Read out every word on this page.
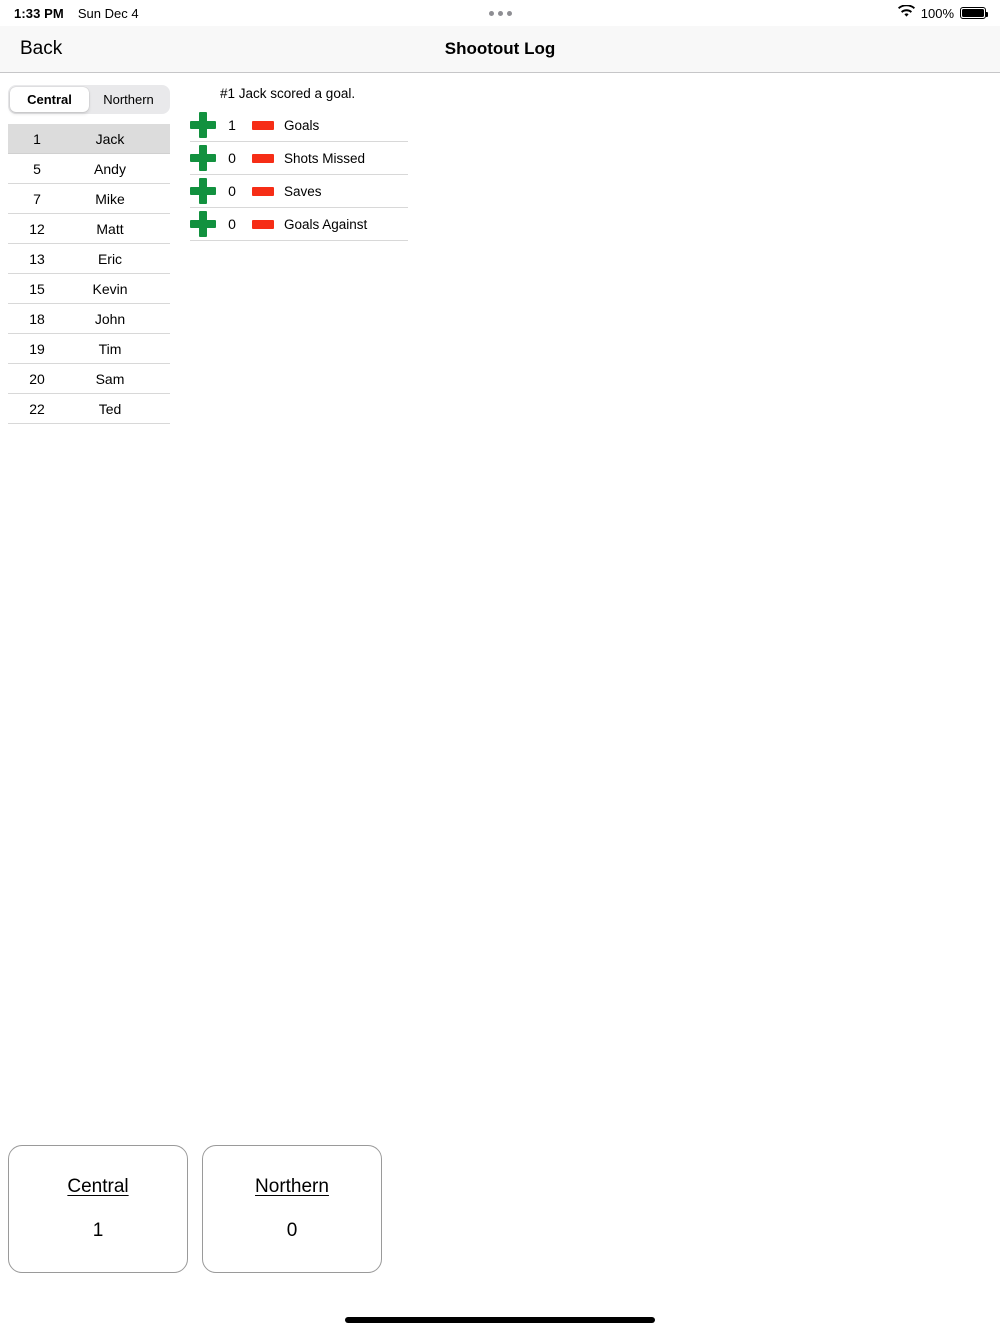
1:33 PM Sun Dec 4	100%
Back	Shootout Log
Central	Northern
1	Jack
5	Andy
7	Mike
12	Matt
13	Eric
15	Kevin
18	John
19	Tim
20	Sam
22	Ted
#1 Jack scored a goal.
1	Goals
0	Shots Missed
0	Saves
0	Goals Against
Central
1
Northern
0
